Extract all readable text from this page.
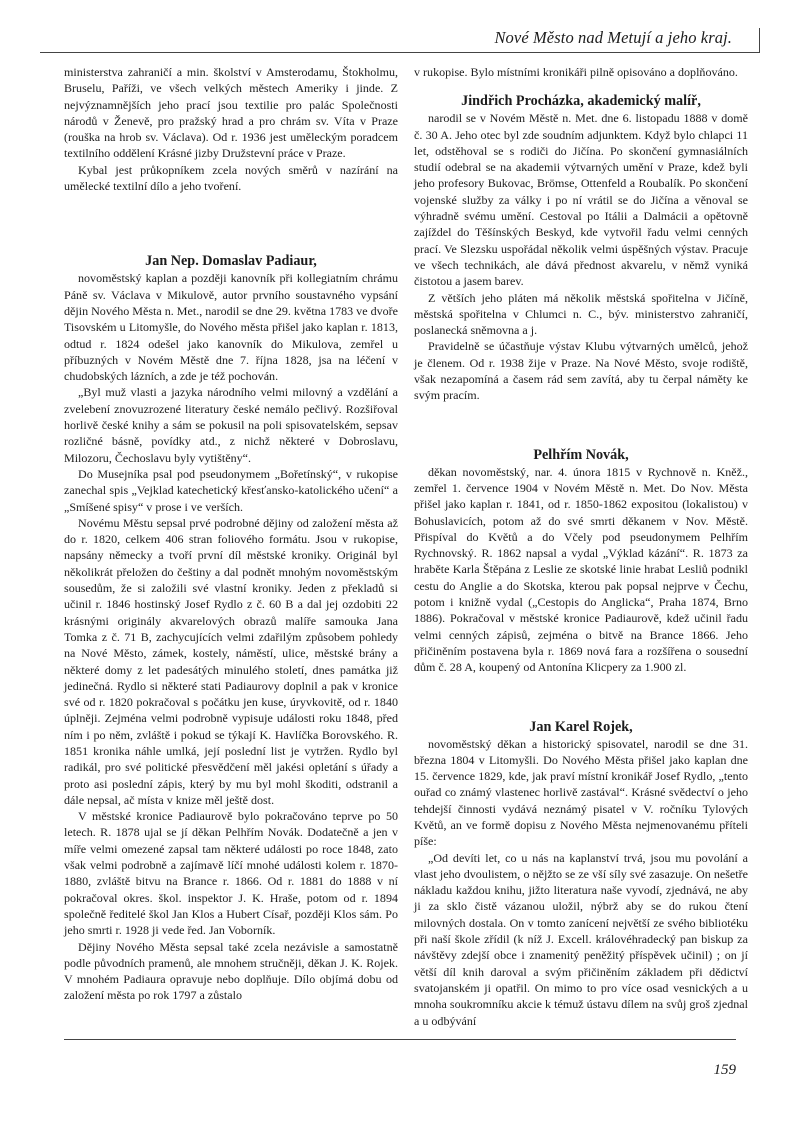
Nové Město nad Metují a jeho kraj.

ministerstva zahraničí a min. školství v Amsterodamu, Štokholmu, Bruselu, Paříži, ve všech velkých městech Ameriky i jinde. Z nejvýznamnějších jeho prací jsou textilie pro palác Společnosti národů v Ženevě, pro pražský hrad a pro chrám sv. Víta v Praze (rouška na hrob sv. Václava). Od r. 1936 jest uměleckým poradcem textilního oddělení Krásné jizby Družstevní práce v Praze.

Kybal jest průkopníkem zcela nových směrů v nazírání na umělecké textilní dílo a jeho tvoření.

Jan Nep. Domaslav Padiaur,

novoměstský kaplan a později kanovník při kollegiatním chrámu Páně sv. Václava v Mikulově, autor prvního soustavného vypsání dějin Nového Města n. Met., narodil se dne 29. května 1783 ve dvoře Tisovském u Litomyšle, do Nového města přišel jako kaplan r. 1813, odtud r. 1824 odešel jako kanovník do Mikulova, zemřel u příbuzných v Novém Městě dne 7. října 1828, jsa na léčení v chudobských lázních, a zde je též pochován.

„Byl muž vlasti a jazyka národního velmi milovný a vzdělání a zvelebení znovuzrozené literatury české nemálo pečlivý. Rozšiřoval horlivě české knihy a sám se pokusil na poli spisovatelském, sepsav rozličné básně, povídky atd., z nichž některé v Dobroslavu, Milozoru, Čechoslavu byly vytištěny“.

Do Musejníka psal pod pseudonymem „Bořetínský“, v rukopise zanechal spis „Vejklad katechetický křesťansko-katolického učení“ a „Smíšené spisy“ v prose i ve verších.

Novému Městu sepsal prvé podrobné dějiny od založení města až do r. 1820, celkem 406 stran foliového formátu. Jsou v rukopise, napsány německy a tvoří první díl městské kroniky. Originál byl několikrát přeložen do češtiny a dal podnět mnohým novoměstským sousedům, že si založili své vlastní kroniky. Jeden z překladů si učinil r. 1846 hostinský Josef Rydlo z č. 60 B a dal jej ozdobiti 22 krásnými originály akvarelových obrazů malíře samouka Jana Tomka z č. 71 B, zachycujících velmi zdařilým způsobem pohledy na Nové Město, zámek, kostely, náměstí, ulice, městské brány a některé domy z let padesátých minulého století, dnes památka již jedinečná. Rydlo si některé stati Padiaurovy doplnil a pak v kronice své od r. 1820 pokračoval s počátku jen kuse, úryvkovitě, od r. 1840 úplněji. Zejména velmi podrobně vypisuje události roku 1848, před ním i po něm, zvláště i pokud se týkají K. Havlíčka Borovského. R. 1851 kronika náhle umlká, její poslední list je vytržen. Rydlo byl radikál, pro své politické přesvědčení měl jakési opletání s úřady a proto asi poslední zápis, který by mu byl mohl škoditi, odstranil a dále nepsal, ač místa v knize měl ještě dost.

V městské kronice Padiaurově bylo pokračováno teprve po 50 letech. R. 1878 ujal se jí děkan Pelhřím Novák. Dodatečně a jen v míře velmi omezené zapsal tam některé události po roce 1848, zato však velmi podrobně a zajímavě líčí mnohé události kolem r. 1870-1880, zvláště bitvu na Brance r. 1866. Od r. 1881 do 1888 v ní pokračoval okres. škol. inspektor J. K. Hraše, potom od r. 1894 společně ředitelé škol Jan Klos a Hubert Císař, později Klos sám. Po jeho smrti r. 1928 ji vede řed. Jan Voborník.

Dějiny Nového Města sepsal také zcela nezávisle a samostatně podle původních pramenů, ale mnohem stručněji, děkan J. K. Rojek. V mnohém Padiaura opravuje nebo doplňuje. Dílo objímá dobu od založení města po rok 1797 a zůstalo

v rukopise. Bylo místními kronikáři pilně opisováno a doplňováno.

Jindřich Procházka, akademický malíř,

narodil se v Novém Městě n. Met. dne 6. listopadu 1888 v domě č. 30 A. Jeho otec byl zde soudním adjunktem. Když bylo chlapci 11 let, odstěhoval se s rodiči do Jičína. Po skončení gymnasiálních studií odebral se na akademii výtvarných umění v Praze, kdež byli jeho profesory Bukovac, Brömse, Ottenfeld a Roubalík. Po skončení vojenské služby za války i po ní vrátil se do Jičína a věnoval se výhradně svému umění. Cestoval po Itálii a Dalmácii a opětovně zajíždel do Těšínských Beskyd, kde vytvořil řadu velmi cenných prací. Ve Slezsku uspořádal několik velmi úspěšných výstav. Pracuje ve všech technikách, ale dává přednost akvarelu, v němž vyniká čistotou a jasem barev.

Z větších jeho pláten má několik městská spořitelna v Jičíně, městská spořitelna v Chlumci n. C., býv. ministerstvo zahraničí, poslanecká sněmovna a j.

Pravidelně se účastňuje výstav Klubu výtvarných umělců, jehož je členem. Od r. 1938 žije v Praze. Na Nové Město, svoje rodiště, však nezapomíná a časem rád sem zavítá, aby tu čerpal náměty ke svým pracím.

Pelhřím Novák,

děkan novoměstský, nar. 4. února 1815 v Rychnově n. Kněž., zemřel 1. července 1904 v Novém Městě n. Met. Do Nov. Města přišel jako kaplan r. 1841, od r. 1850-1862 expositou (lokalistou) v Bohuslavicích, potom až do své smrti děkanem v Nov. Městě. Přispíval do Květů a do Včely pod pseudonymem Pelhřím Rychnovský. R. 1862 napsal a vydal „Výklad kázání“. R. 1873 za hraběte Karla Štěpána z Leslie ze skotské linie hrabat Lesliů podnikl cestu do Anglie a do Skotska, kterou pak popsal nejprve v Čechu, potom i knižně vydal („Cestopis do Anglicka“, Praha 1874, Brno 1886). Pokračoval v městské kronice Padiaurově, kdež učinil řadu velmi cenných zápisů, zejména o bitvě na Brance 1866. Jeho přičiněním postavena byla r. 1869 nová fara a rozšířena o sousední dům č. 28 A, koupený od Antonína Klicpery za 1.900 zl.

Jan Karel Rojek,

novoměstský děkan a historický spisovatel, narodil se dne 31. března 1804 v Litomyšli. Do Nového Města přišel jako kaplan dne 15. července 1829, kde, jak praví místní kronikář Josef Rydlo, „tento ouřad co známý vlastenec horlivě zastával“. Krásné svědectví o jeho tehdejší činnosti vydává neznámý pisatel v V. ročníku Tylových Květů, an ve formě dopisu z Nového Města nejmenovanému příteli píše:

„Od devíti let, co u nás na kaplanství trvá, jsou mu povolání a vlast jeho dvoulistem, o nějžto se ze vší síly své zasazuje. On nešetře nákladu každou knihu, jižto literatura naše vyvodí, zjednává, ne aby ji za sklo čistě vázanou uložil, nýbrž aby se do rukou čtení milovných dostala. On v tomto zanícení největší ze svého bibliotéku při naší škole zřídil (k níž J. Excell. královéhradecký pan biskup za návštěvy zdejší obce i znamenitý peněžitý příspěvek učinil) ; on jí větší díl knih daroval a svým přičiněním základem při dědictví svatojanském ji opatřil. On mimo to pro více osad vesnických a u mnoha soukromníku akcie k témuž ústavu dílem na svůj groš zjednal a u odbývání

159
